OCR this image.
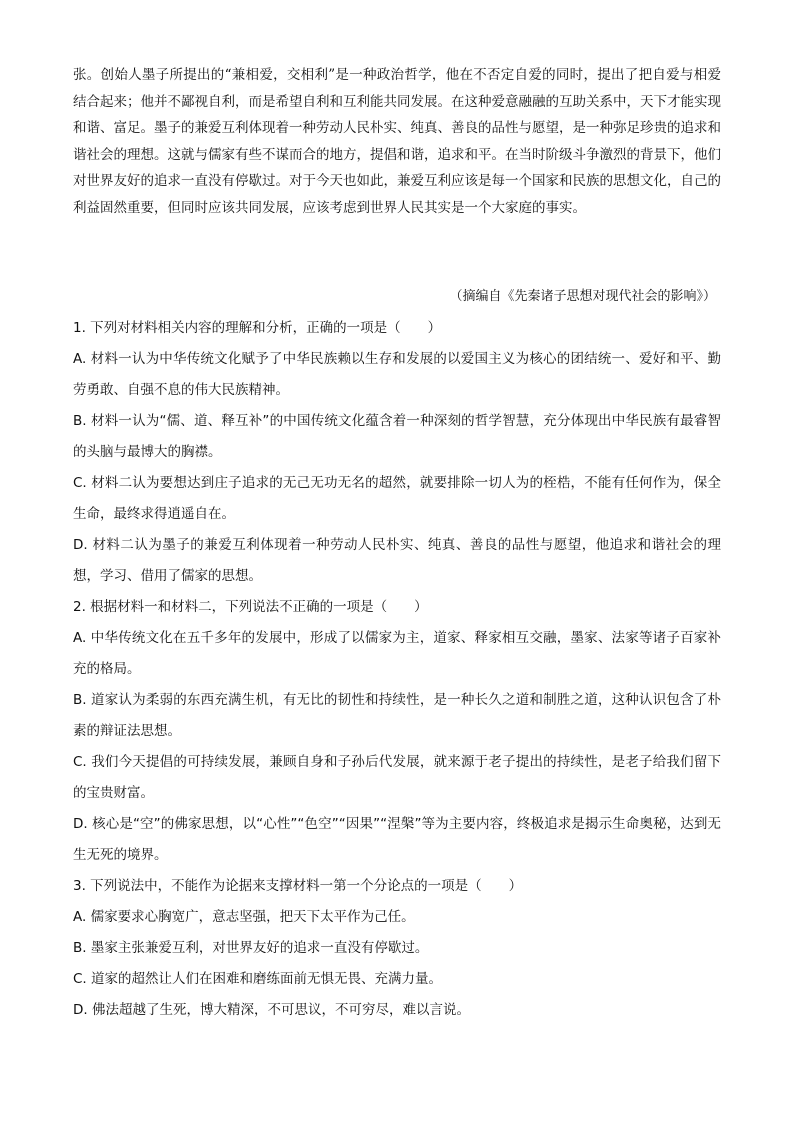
张。创始人墨子所提出的“兼相爱，交相利”是一种政治哲学，他在不否定自爱的同时，提出了把自爱与相爱结合起来；他并不鄙视自利，而是希望自利和互利能共同发展。在这种爱意融融的互助关系中，天下才能实现和谐、富足。墨子的兼爱互利体现着一种劳动人民朴实、纯真、善良的品性与愿望，是一种弥足珍贵的追求和谐社会的理想。这就与儒家有些不谋而合的地方，提倡和谐，追求和平。在当时阶级斗争激烈的背景下，他们对世界友好的追求一直没有停歇过。对于今天也如此，兼爱互利应该是每一个国家和民族的思想文化，自己的利益固然重要，但同时应该共同发展，应该考虑到世界人民其实是一个大家庭的事实。

（摘编自《先秦诸子思想对现代社会的影响》）

1. 下列对材料相关内容的理解和分析，正确的一项是（　　）

A. 材料一认为中华传统文化赋予了中华民族赖以生存和发展的以爱国主义为核心的团结统一、爱好和平、勤劳勇敢、自强不息的伟大民族精神。

B. 材料一认为“儒、道、释互补”的中国传统文化蕴含着一种深刻的哲学智慧，充分体现出中华民族有最睿智的头脑与最博大的胸襟。

C. 材料二认为要想达到庄子追求的无己无功无名的超然，就要排除一切人为的桎梏，不能有任何作为，保全生命，最终求得逍遥自在。

D. 材料二认为墨子的兼爱互利体现着一种劳动人民朴实、纯真、善良的品性与愿望，他追求和谐社会的理想，学习、借用了儒家的思想。

2. 根据材料一和材料二，下列说法不正确的一项是（　　）

A. 中华传统文化在五千多年的发展中，形成了以儒家为主，道家、释家相互交融，墨家、法家等诸子百家补充的格局。

B. 道家认为柔弱的东西充满生机，有无比的韧性和持续性，是一种长久之道和制胜之道，这种认识包含了朴素的辩证法思想。

C. 我们今天提倡的可持续发展，兼顾自身和子孙后代发展，就来源于老子提出的持续性，是老子给我们留下的宝贵财富。

D. 核心是“空”的佛家思想，以“心性”“色空”“因果”“涅槃”等为主要内容，终极追求是揭示生命奥秘，达到无生无死的境界。

3. 下列说法中，不能作为论据来支撑材料一第一个分论点的一项是（　　）

A. 儒家要求心胸宽广，意志坚强，把天下太平作为己任。

B. 墨家主张兼爱互利，对世界友好的追求一直没有停歇过。

C. 道家的超然让人们在困难和磨练面前无惧无畏、充满力量。

D. 佛法超越了生死，博大精深，不可思议，不可穷尽，难以言说。
